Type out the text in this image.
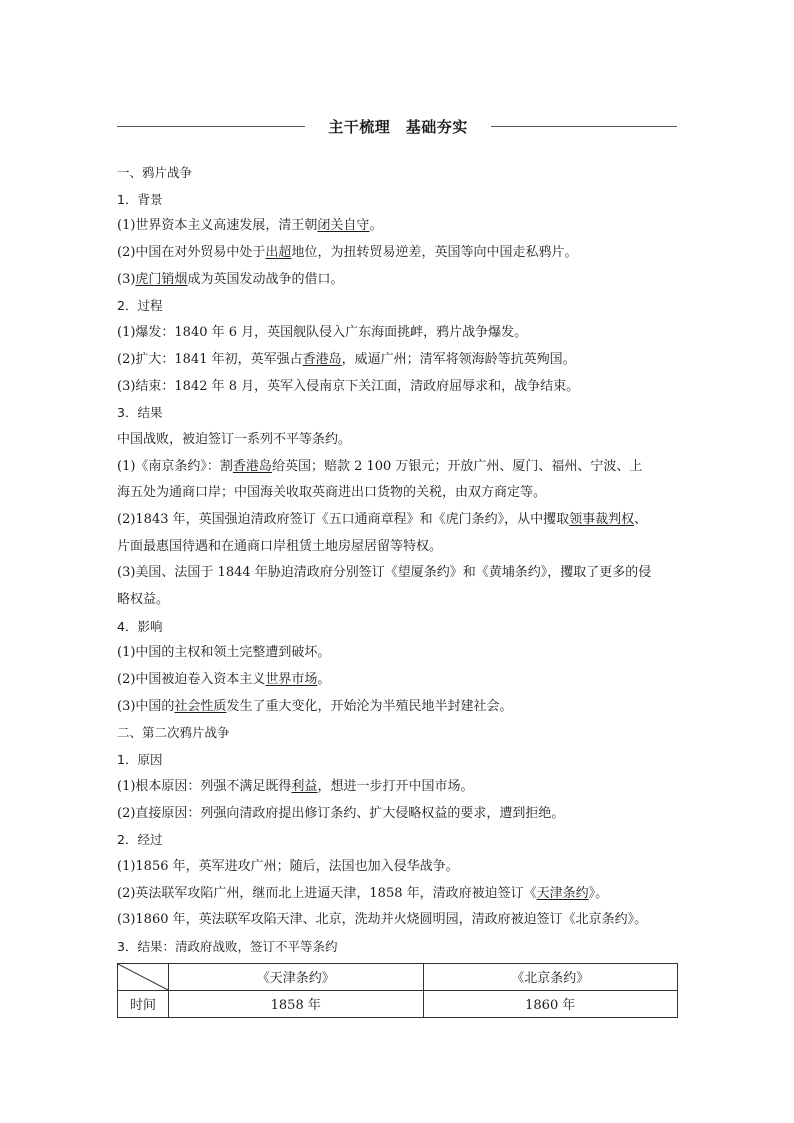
主干梳理　基础夯实
一、鸦片战争
1．背景
(1)世界资本主义高速发展，清王朝闭关自守。
(2)中国在对外贸易中处于出超地位，为扭转贸易逆差，英国等向中国走私鸦片。
(3)虎门销烟成为英国发动战争的借口。
2．过程
(1)爆发：1840 年 6 月，英国舰队侵入广东海面挑衅，鸦片战争爆发。
(2)扩大：1841 年初，英军强占香港岛，威逼广州；清军将领海龄等抗英殉国。
(3)结束：1842 年 8 月，英军入侵南京下关江面，清政府屈辱求和，战争结束。
3．结果
中国战败，被迫签订一系列不平等条约。
(1)《南京条约》：割香港岛给英国；赔款 2 100 万银元；开放广州、厦门、福州、宁波、上
海五处为通商口岸；中国海关收取英商进出口货物的关税，由双方商定等。
(2)1843 年，英国强迫清政府签订《五口通商章程》和《虎门条约》，从中攫取领事裁判权、
片面最惠国待遇和在通商口岸租赁土地房屋居留等特权。
(3)美国、法国于 1844 年胁迫清政府分别签订《望厦条约》和《黄埔条约》，攫取了更多的侵
略权益。
4．影响
(1)中国的主权和领土完整遭到破坏。
(2)中国被迫卷入资本主义世界市场。
(3)中国的社会性质发生了重大变化，开始沦为半殖民地半封建社会。
二、第二次鸦片战争
1．原因
(1)根本原因：列强不满足既得利益，想进一步打开中国市场。
(2)直接原因：列强向清政府提出修订条约、扩大侵略权益的要求，遭到拒绝。
2．经过
(1)1856 年，英军进攻广州；随后，法国也加入侵华战争。
(2)英法联军攻陷广州，继而北上进逼天津，1858 年，清政府被迫签订《天津条约》。
(3)1860 年，英法联军攻陷天津、北京，洗劫并火烧圆明园，清政府被迫签订《北京条约》。
3．结果：清政府战败，签订不平等条约
	《天津条约》	《北京条约》
时间	1858 年	1860 年
